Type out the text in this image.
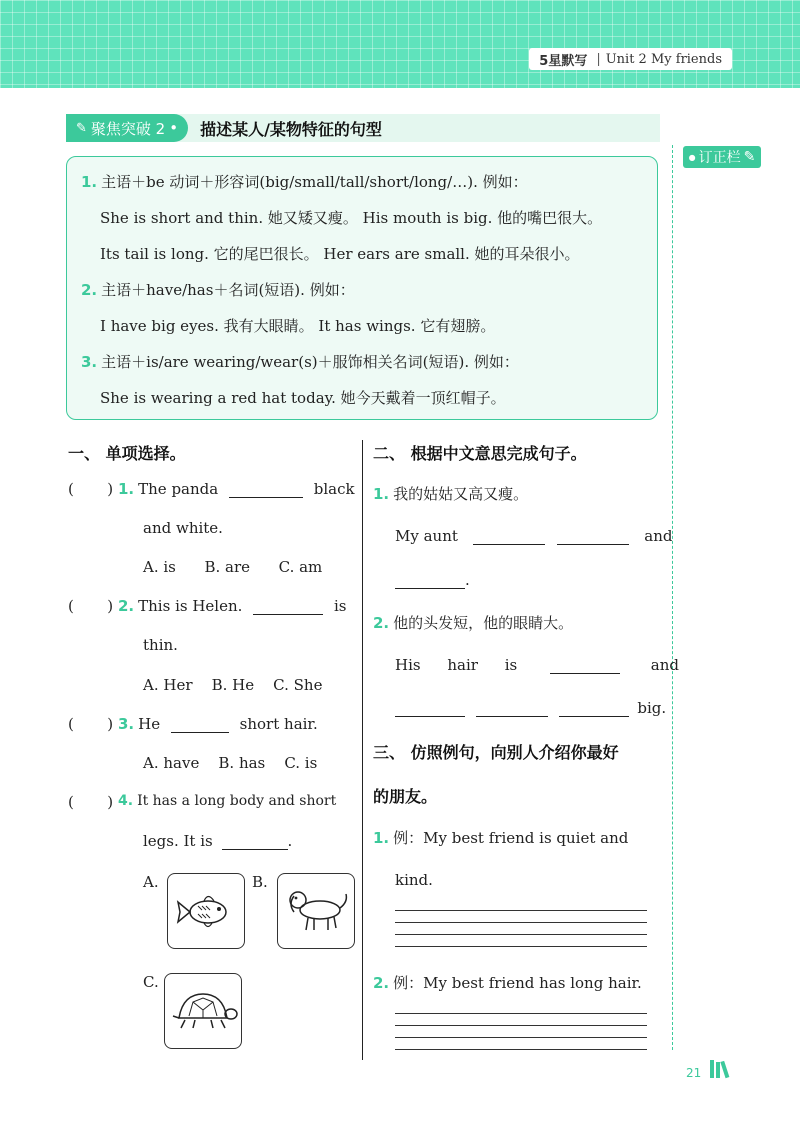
5星默写 | Unit 2 My friends
✎ 聚焦突破 2 • 描述某人/某物特征的句型
● 订正栏 ✎
1. 主语＋be 动词＋形容词(big/small/tall/short/long/…). 例如：
She is short and thin. 她又矮又瘦。 His mouth is big. 他的嘴巴很大。
Its tail is long. 它的尾巴很长。 Her ears are small. 她的耳朵很小。
2. 主语＋have/has＋名词(短语). 例如：
I have big eyes. 我有大眼睛。 It has wings. 它有翅膀。
3. 主语＋is/are wearing/wear(s)＋服饰相关名词(短语). 例如：
She is wearing a red hat today. 她今天戴着一顶红帽子。
一、 单项选择。
(       ) 1. The panda	black
and white.
A. is      B. are      C. am
(       ) 2. This is Helen.	is
thin.
A. Her    B. He    C. She
(       ) 3. He	short hair.
A. have    B. has    C. is
(       ) 4. It has a long body and short
legs. It is	.
A.	B.
C.
二、 根据中文意思完成句子。
1. 我的姑姑又高又瘦。
My aunt	and
.
2. 他的头发短，他的眼睛大。
His hair is	and
big.
三、 仿照例句，向别人介绍你最好
的朋友。
1. 例：My best friend is quiet and
kind.
2. 例：My best friend has long hair.
21
